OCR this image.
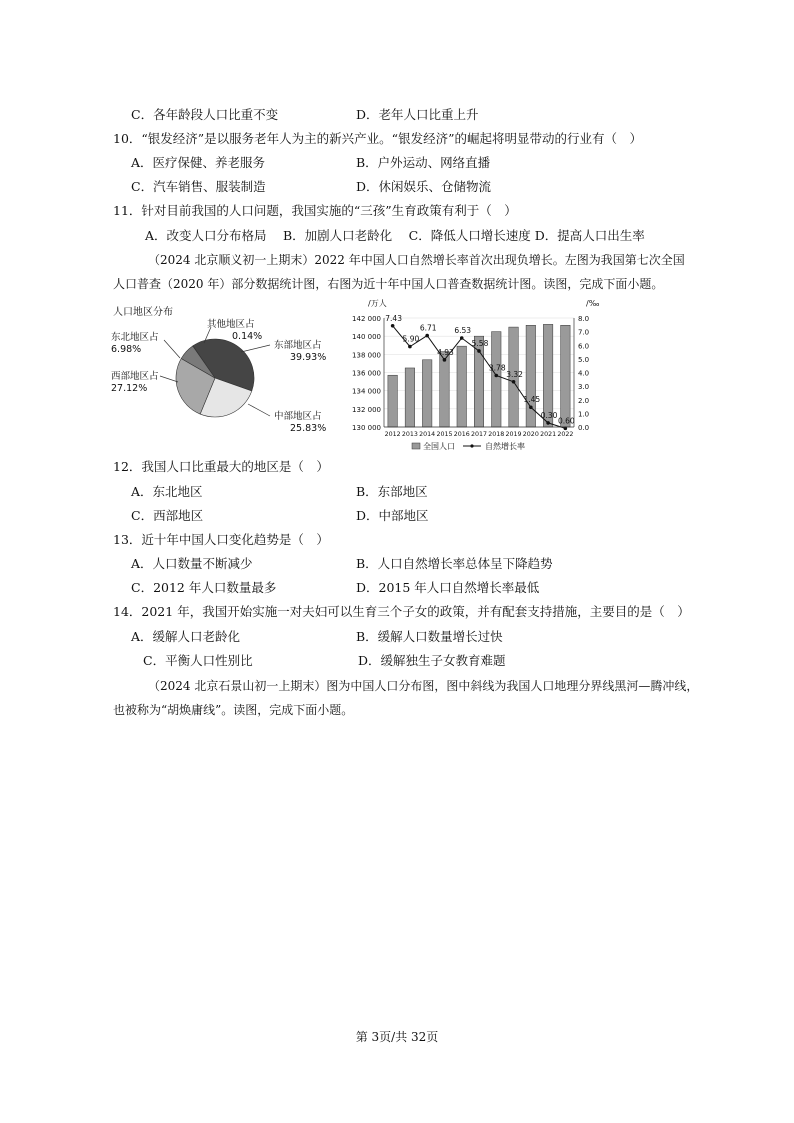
C．各年龄段人口比重不变	D．老年人口比重上升
10．“银发经济”是以服务老年人为主的新兴产业。“银发经济”的崛起将明显带动的行业有（　）
A．医疗保健、养老服务	B．户外运动、网络直播
C．汽车销售、服装制造	D．休闲娱乐、仓储物流
11．针对目前我国的人口问题，我国实施的“三孩”生育政策有利于（　）
A．改变人口分布格局　 B．加剧人口老龄化　 C．降低人口增长速度 D．提高人口出生率
（2024 北京顺义初一上期末）2022 年中国人口自然增长率首次出现负增长。左图为我国第七次全国
人口普查（2020 年）部分数据统计图，右图为近十年中国人口普查数据统计图。读图，完成下面小题。
人口地区分布
其他地区占
0.14%
东部地区占
39.93%
中部地区占
25.83%
东北地区占
6.98%
西部地区占
27.12%
/万人	/‰
7.43
5.90
6.71
4.93
6.53
5.58
3.78
3.32
1.45
0.30
0.60
130 000
132 000
134 000
136 000
138 000
140 000
142 000
0.0
1.0
2.0
3.0
4.0
5.0
6.0
7.0
8.0
2012 2013 2014 2015 2016 2017 2018 2019 2020 2021 2022
全国人口	自然增长率
12．我国人口比重最大的地区是（　）
A．东北地区	B．东部地区
C．西部地区	D．中部地区
13．近十年中国人口变化趋势是（　）
A．人口数量不断减少	B．人口自然增长率总体呈下降趋势
C．2012 年人口数量最多	D．2015 年人口自然增长率最低
14．2021 年，我国开始实施一对夫妇可以生育三个子女的政策，并有配套支持措施，主要目的是（　）
A．缓解人口老龄化	B．缓解人口数量增长过快
C．平衡人口性别比	D．缓解独生子女教育难题
（2024 北京石景山初一上期末）图为中国人口分布图，图中斜线为我国人口地理分界线黑河—腾冲线，
也被称为“胡焕庸线”。读图，完成下面小题。
第 3页/共 32页
